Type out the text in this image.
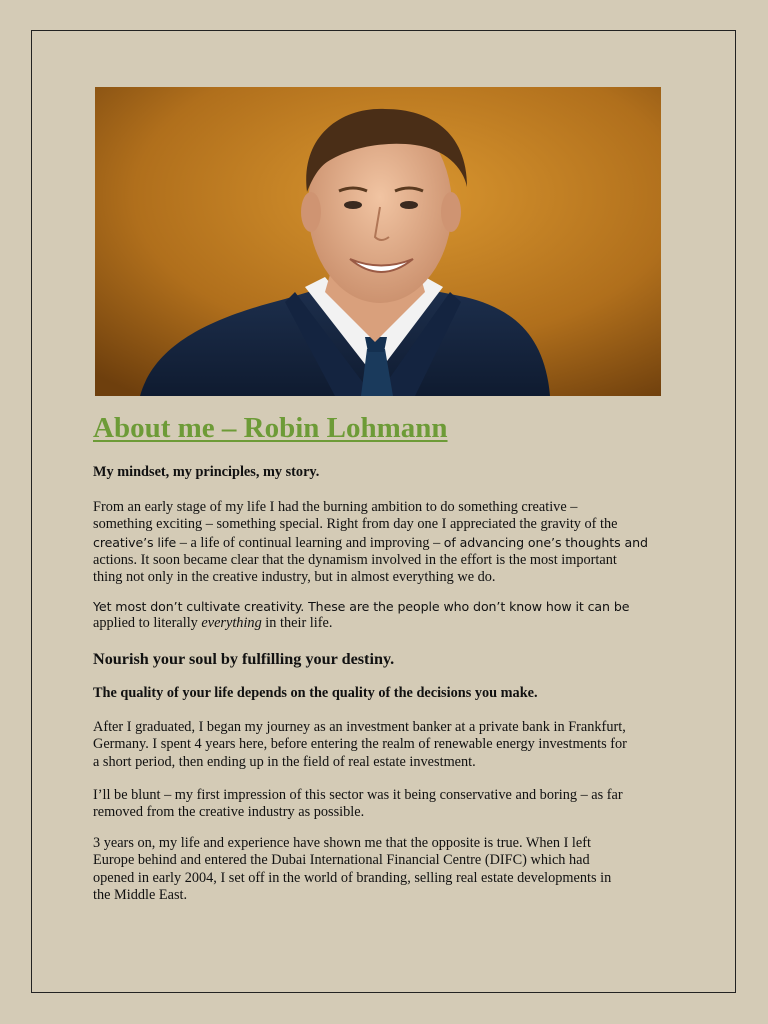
About me – Robin Lohmann

My mindset, my principles, my story.

From an early stage of my life I had the burning ambition to do something creative –
something exciting – something special. Right from day one I appreciated the gravity of the
creative’s life – a life of continual learning and improving – of advancing one’s thoughts and
actions. It soon became clear that the dynamism involved in the effort is the most important
thing not only in the creative industry, but in almost everything we do.
Yet most don’t cultivate creativity. These are the people who don’t know how it can be
applied to literally everything in their life.

Nourish your soul by fulfilling your destiny.

The quality of your life depends on the quality of the decisions you make.

After I graduated, I began my journey as an investment banker at a private bank in Frankfurt,
Germany. I spent 4 years here, before entering the realm of renewable energy investments for
a short period, then ending up in the field of real estate investment.
I’ll be blunt – my first impression of this sector was it being conservative and boring – as far
removed from the creative industry as possible.
3 years on, my life and experience have shown me that the opposite is true. When I left
Europe behind and entered the Dubai International Financial Centre (DIFC) which had
opened in early 2004, I set off in the world of branding, selling real estate developments in
the Middle East.
